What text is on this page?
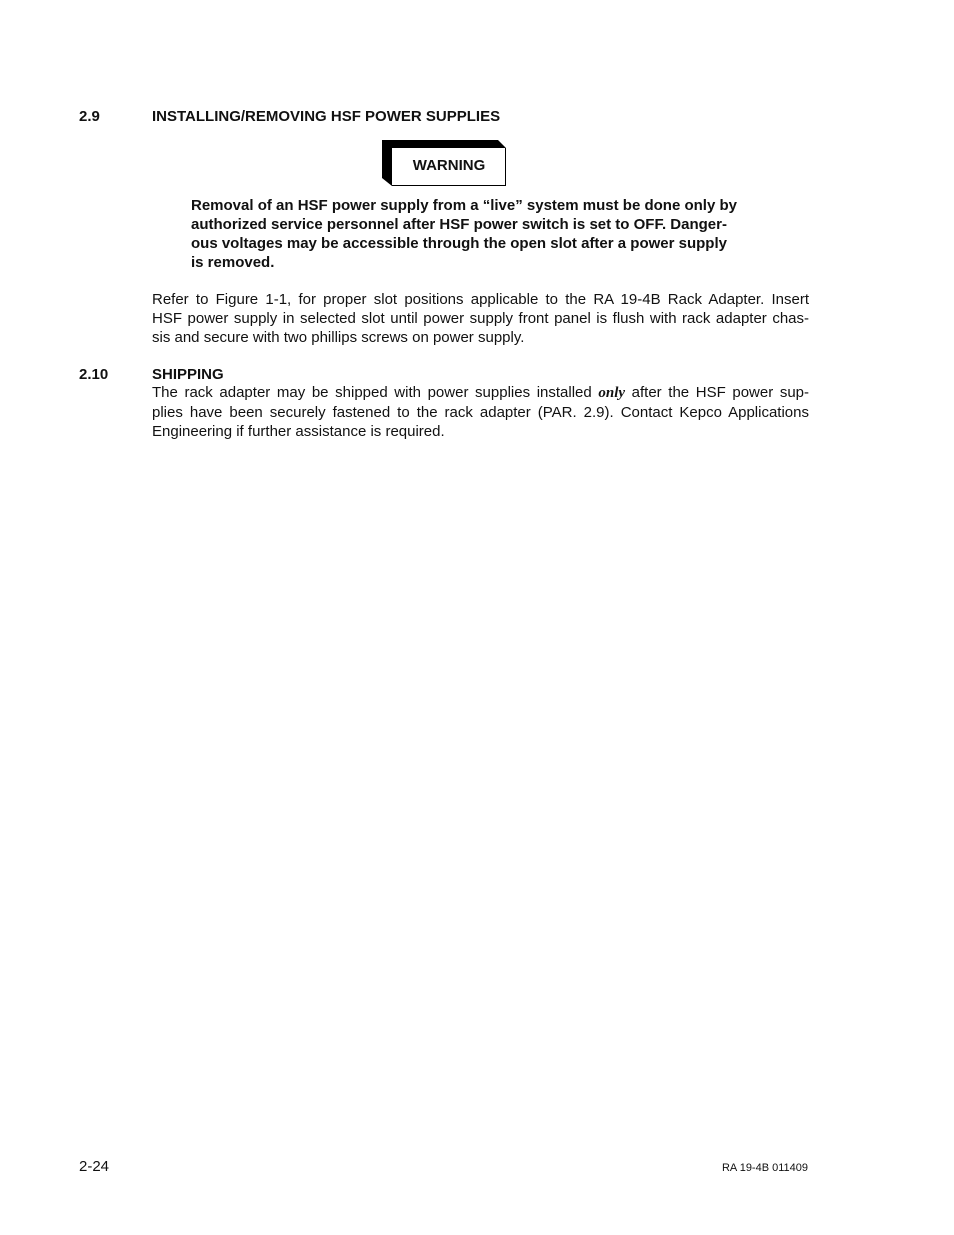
2.9	INSTALLING/REMOVING HSF POWER SUPPLIES
WARNING
Removal of an HSF power supply from a “live” system must be done only by
authorized service personnel after HSF power switch is set to OFF. Danger-
ous voltages may be accessible through the open slot after a power supply
is removed.
Refer to Figure 1-1, for proper slot positions applicable to the RA 19-4B Rack Adapter. Insert
HSF power supply in selected slot until power supply front panel is flush with rack adapter chas-
sis and secure with two phillips screws on power supply.
2.10	SHIPPING
The rack adapter may be shipped with power supplies installed only after the HSF power sup-
plies have been securely fastened to the rack adapter (PAR. 2.9). Contact Kepco Applications
Engineering if further assistance is required.
2-24	RA 19-4B 011409
